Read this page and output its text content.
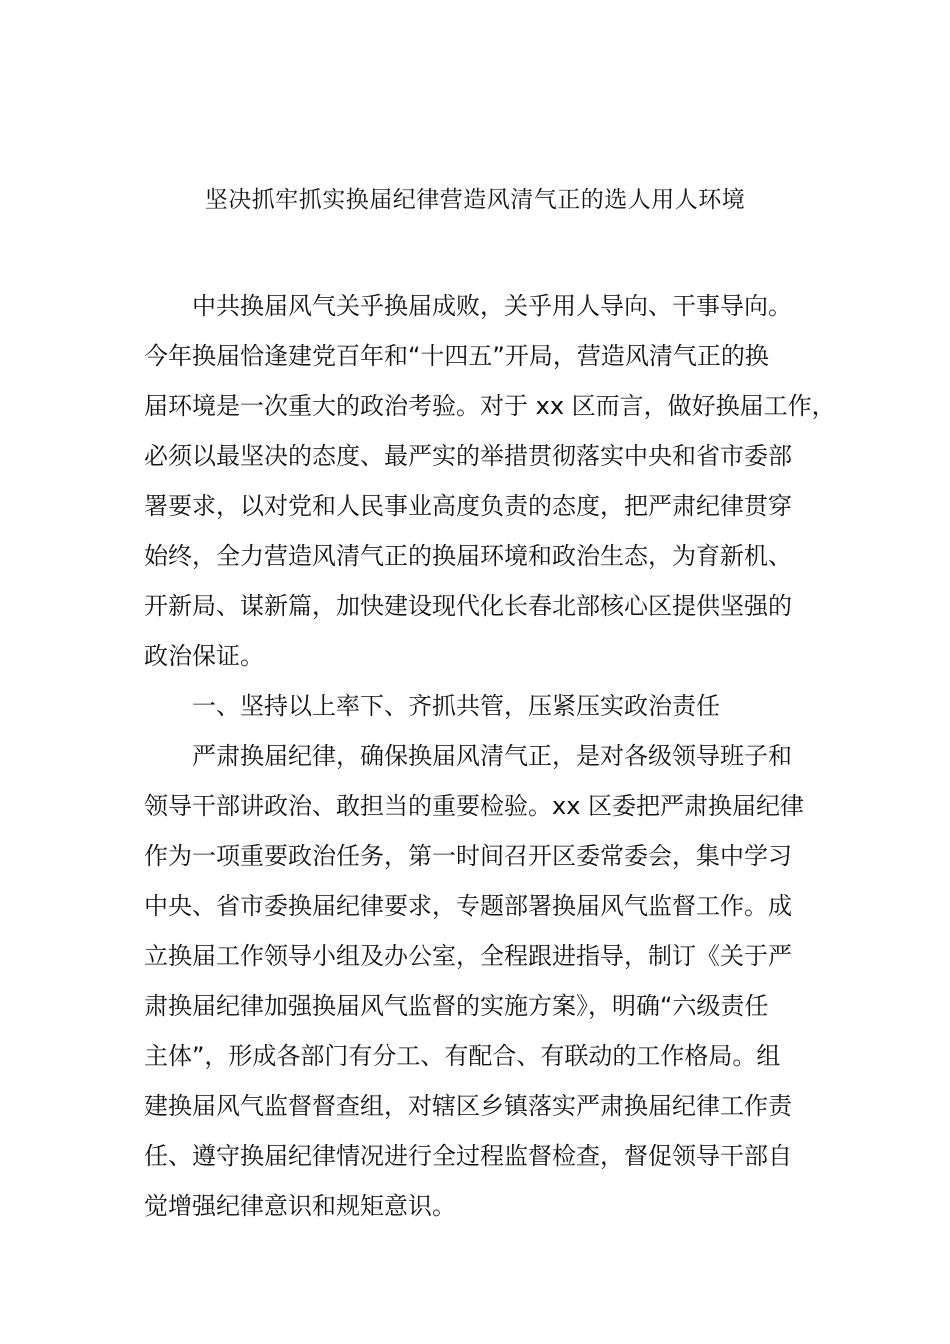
坚决抓牢抓实换届纪律营造风清气正的选人用人环境
中共换届风气关乎换届成败，关乎用人导向、干事导向。
今年换届恰逢建党百年和“十四五”开局，营造风清气正的换
届环境是一次重大的政治考验。对于 xx 区而言，做好换届工作，
必须以最坚决的态度、最严实的举措贯彻落实中央和省市委部
署要求，以对党和人民事业高度负责的态度，把严肃纪律贯穿
始终，全力营造风清气正的换届环境和政治生态，为育新机、
开新局、谋新篇，加快建设现代化长春北部核心区提供坚强的
政治保证。
一、坚持以上率下、齐抓共管，压紧压实政治责任
严肃换届纪律，确保换届风清气正，是对各级领导班子和
领导干部讲政治、敢担当的重要检验。xx 区委把严肃换届纪律
作为一项重要政治任务，第一时间召开区委常委会，集中学习
中央、省市委换届纪律要求，专题部署换届风气监督工作。成
立换届工作领导小组及办公室，全程跟进指导，制订《关于严
肃换届纪律加强换届风气监督的实施方案》，明确“六级责任
主体”，形成各部门有分工、有配合、有联动的工作格局。组
建换届风气监督督查组，对辖区乡镇落实严肃换届纪律工作责
任、遵守换届纪律情况进行全过程监督检查，督促领导干部自
觉增强纪律意识和规矩意识。
